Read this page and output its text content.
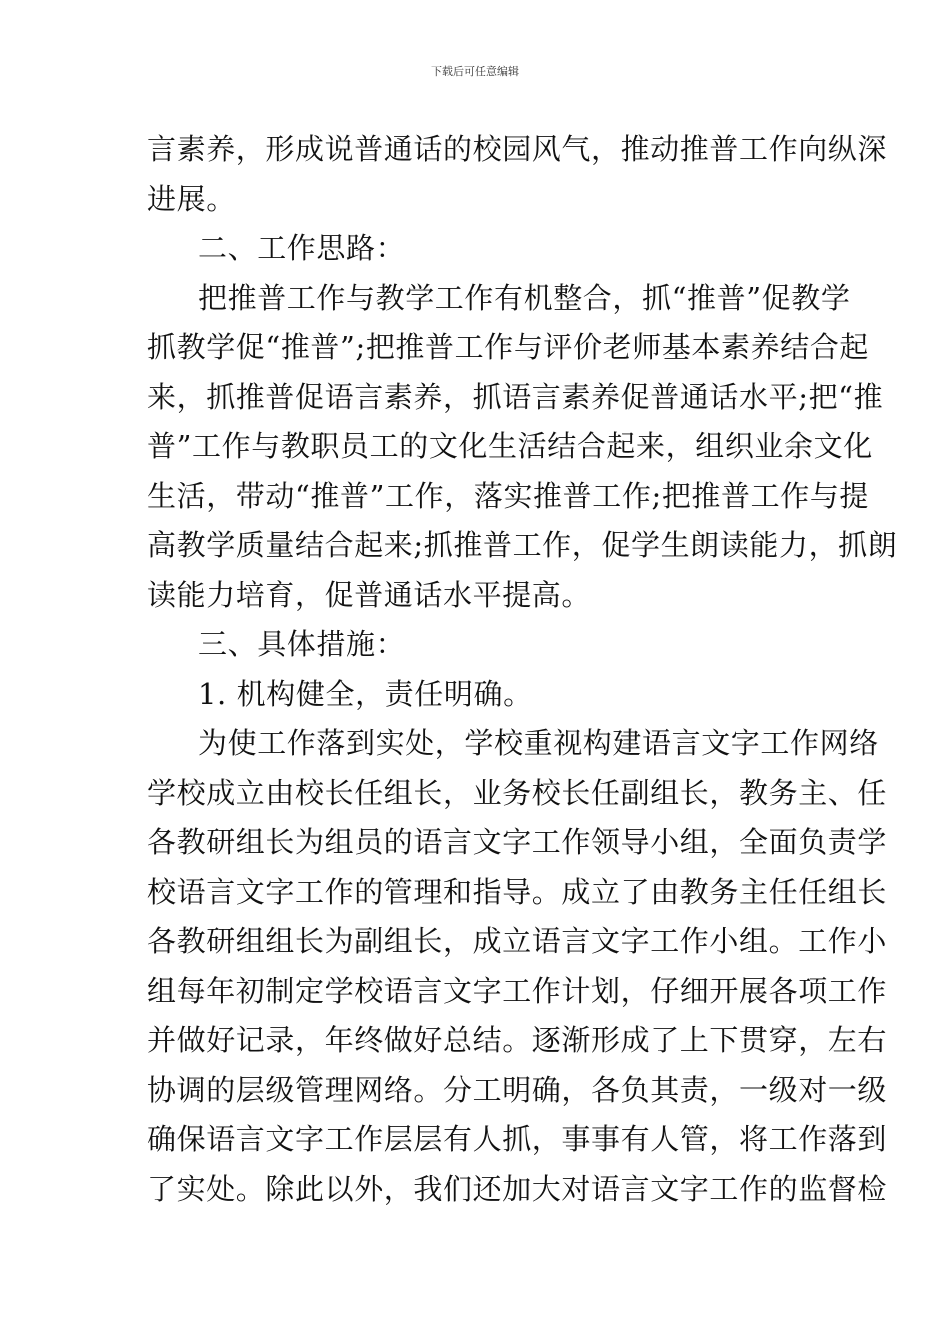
下载后可任意编辑
言素养，形成说普通话的校园风气，推动推普工作向纵深
进展。
二、工作思路：
把推普工作与教学工作有机整合，抓“推普”促教学
抓教学促“推普”;把推普工作与评价老师基本素养结合起
来，抓推普促语言素养，抓语言素养促普通话水平;把“推
普”工作与教职员工的文化生活结合起来，组织业余文化
生活，带动“推普”工作，落实推普工作;把推普工作与提
高教学质量结合起来;抓推普工作，促学生朗读能力，抓朗
读能力培育，促普通话水平提高。
三、具体措施：
1. 机构健全，责任明确。
为使工作落到实处，学校重视构建语言文字工作网络
学校成立由校长任组长，业务校长任副组长，教务主、任
各教研组长为组员的语言文字工作领导小组，全面负责学
校语言文字工作的管理和指导。成立了由教务主任任组长
各教研组组长为副组长，成立语言文字工作小组。工作小
组每年初制定学校语言文字工作计划，仔细开展各项工作
并做好记录，年终做好总结。逐渐形成了上下贯穿，左右
协调的层级管理网络。分工明确，各负其责，一级对一级
确保语言文字工作层层有人抓，事事有人管，将工作落到
了实处。除此以外，我们还加大对语言文字工作的监督检
